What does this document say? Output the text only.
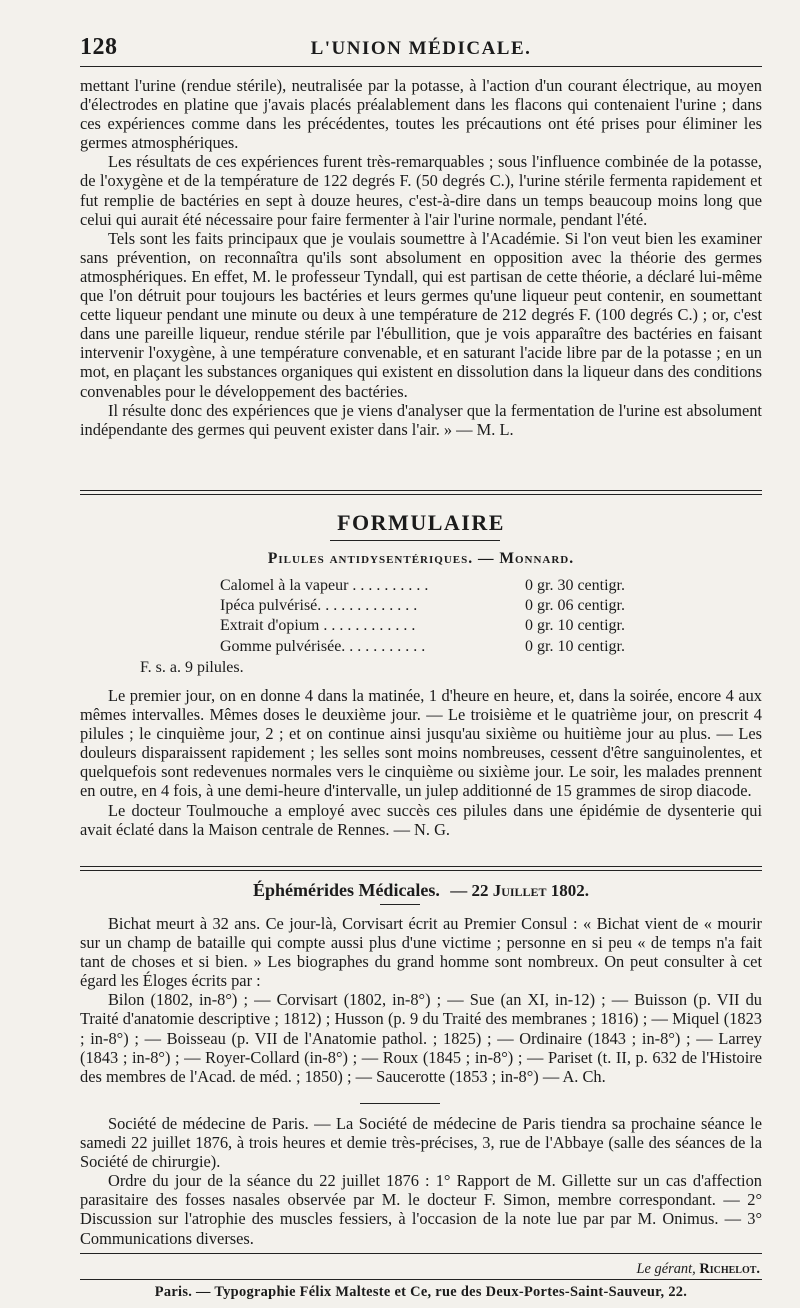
128	L'UNION MÉDICALE.

mettant l'urine (rendue stérile), neutralisée par la potasse, à l'action d'un courant électrique, au moyen d'électrodes en platine que j'avais placés préalablement dans les flacons qui contenaient l'urine ; dans ces expériences comme dans les précédentes, toutes les précautions ont été prises pour éliminer les germes atmosphériques.

Les résultats de ces expériences furent très-remarquables ; sous l'influence combinée de la potasse, de l'oxygène et de la température de 122 degrés F. (50 degrés C.), l'urine stérile fermenta rapidement et fut remplie de bactéries en sept à douze heures, c'est-à-dire dans un temps beaucoup moins long que celui qui aurait été nécessaire pour faire fermenter à l'air l'urine normale, pendant l'été.

Tels sont les faits principaux que je voulais soumettre à l'Académie. Si l'on veut bien les examiner sans prévention, on reconnaîtra qu'ils sont absolument en opposition avec la théorie des germes atmosphériques. En effet, M. le professeur Tyndall, qui est partisan de cette théorie, a déclaré lui-même que l'on détruit pour toujours les bactéries et leurs germes qu'une liqueur peut contenir, en soumettant cette liqueur pendant une minute ou deux à une température de 212 degrés F. (100 degrés C.) ; or, c'est dans une pareille liqueur, rendue stérile par l'ébullition, que je vois apparaître des bactéries en faisant intervenir l'oxygène, à une température convenable, et en saturant l'acide libre par de la potasse ; en un mot, en plaçant les substances organiques qui existent en dissolution dans la liqueur dans des conditions convenables pour le développement des bactéries.

Il résulte donc des expériences que je viens d'analyser que la fermentation de l'urine est absolument indépendante des germes qui peuvent exister dans l'air. » — M. L.

FORMULAIRE
Pilules antidysentériques. — Monnard.
Calomel à la vapeur . . . . . . . . . .	0 gr. 30 centigr.
Ipéca pulvérisé. . . . . . . . . . . . .	0 gr. 06 centigr.
Extrait d'opium . . . . . . . . . . . .	0 gr. 10 centigr.
Gomme pulvérisée. . . . . . . . . . .	0 gr. 10 centigr.
F. s. a. 9 pilules.

Le premier jour, on en donne 4 dans la matinée, 1 d'heure en heure, et, dans la soirée, encore 4 aux mêmes intervalles. Mêmes doses le deuxième jour. — Le troisième et le quatrième jour, on prescrit 4 pilules ; le cinquième jour, 2 ; et on continue ainsi jusqu'au sixième ou huitième jour au plus. — Les douleurs disparaissent rapidement ; les selles sont moins nombreuses, cessent d'être sanguinolentes, et quelquefois sont redevenues normales vers le cinquième ou sixième jour. Le soir, les malades prennent en outre, en 4 fois, à une demi-heure d'intervalle, un julep additionné de 15 grammes de sirop diacode.

Le docteur Toulmouche a employé avec succès ces pilules dans une épidémie de dysenterie qui avait éclaté dans la Maison centrale de Rennes. — N. G.

Éphémérides Médicales. — 22 Juillet 1802.

Bichat meurt à 32 ans. Ce jour-là, Corvisart écrit au Premier Consul : « Bichat vient de « mourir sur un champ de bataille qui compte aussi plus d'une victime ; personne en si peu « de temps n'a fait tant de choses et si bien. » Les biographes du grand homme sont nombreux. On peut consulter à cet égard les Éloges écrits par :

Bilon (1802, in-8°) ; — Corvisart (1802, in-8°) ; — Sue (an XI, in-12) ; — Buisson (p. VII du Traité d'anatomie descriptive ; 1812) ; Husson (p. 9 du Traité des membranes ; 1816) ; — Miquel (1823 ; in-8°) ; — Boisseau (p. VII de l'Anatomie pathol. ; 1825) ; — Ordinaire (1843 ; in-8°) ; — Larrey (1843 ; in-8°) ; — Royer-Collard (in-8°) ; — Roux (1845 ; in-8°) ; — Pariset (t. II, p. 632 de l'Histoire des membres de l'Acad. de méd. ; 1850) ; — Saucerotte (1853 ; in-8°) — A. Ch.

Société de médecine de Paris. — La Société de médecine de Paris tiendra sa prochaine séance le samedi 22 juillet 1876, à trois heures et demie très-précises, 3, rue de l'Abbaye (salle des séances de la Société de chirurgie).

Ordre du jour de la séance du 22 juillet 1876 : 1° Rapport de M. Gillette sur un cas d'affection parasitaire des fosses nasales observée par M. le docteur F. Simon, membre correspondant. — 2° Discussion sur l'atrophie des muscles fessiers, à l'occasion de la note lue par par M. Onimus. — 3° Communications diverses.

Le gérant, Richelot.
Paris. — Typographie Félix Malteste et Ce, rue des Deux-Portes-Saint-Sauveur, 22.
